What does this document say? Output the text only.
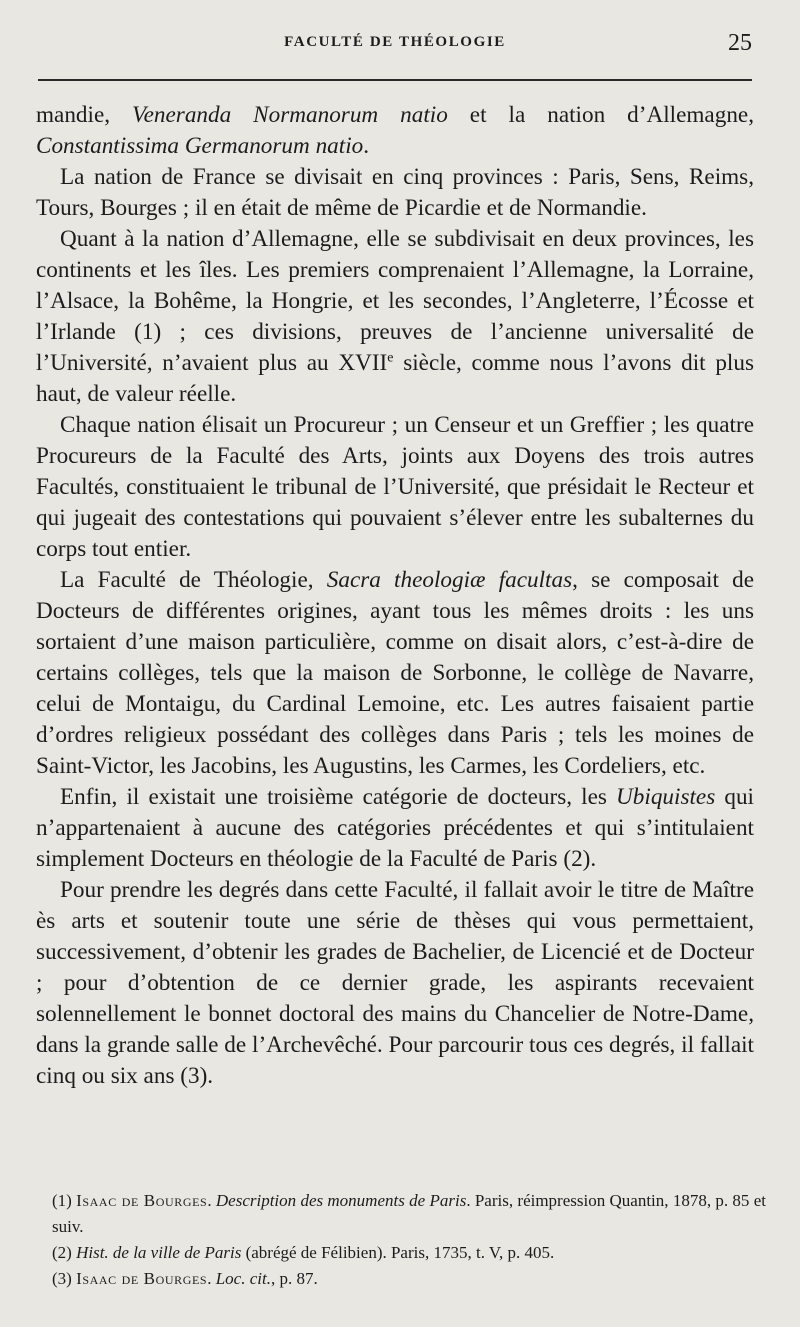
FACULTÉ DE THÉOLOGIE	25

mandie, Veneranda Normanorum natio et la nation d’Allemagne, Constantissima Germanorum natio.

La nation de France se divisait en cinq provinces : Paris, Sens, Reims, Tours, Bourges ; il en était de même de Picardie et de Normandie.

Quant à la nation d’Allemagne, elle se subdivisait en deux provinces, les continents et les îles. Les premiers comprenaient l’Allemagne, la Lorraine, l’Alsace, la Bohême, la Hongrie, et les secondes, l’Angleterre, l’Écosse et l’Irlande (1) ; ces divisions, preuves de l’ancienne universalité de l’Université, n’avaient plus au XVIIe siècle, comme nous l’avons dit plus haut, de valeur réelle.

Chaque nation élisait un Procureur ; un Censeur et un Greffier ; les quatre Procureurs de la Faculté des Arts, joints aux Doyens des trois autres Facultés, constituaient le tribunal de l’Université, que présidait le Recteur et qui jugeait des contestations qui pouvaient s’élever entre les subalternes du corps tout entier.

La Faculté de Théologie, Sacra theologiæ facultas, se composait de Docteurs de différentes origines, ayant tous les mêmes droits : les uns sortaient d’une maison particulière, comme on disait alors, c’est-à-dire de certains collèges, tels que la maison de Sorbonne, le collège de Navarre, celui de Montaigu, du Cardinal Lemoine, etc. Les autres faisaient partie d’ordres religieux possédant des collèges dans Paris ; tels les moines de Saint-Victor, les Jacobins, les Augustins, les Carmes, les Cordeliers, etc.

Enfin, il existait une troisième catégorie de docteurs, les Ubiquistes qui n’appartenaient à aucune des catégories précédentes et qui s’intitulaient simplement Docteurs en théologie de la Faculté de Paris (2).

Pour prendre les degrés dans cette Faculté, il fallait avoir le titre de Maître ès arts et soutenir toute une série de thèses qui vous permettaient, successivement, d’obtenir les grades de Bachelier, de Licencié et de Docteur ; pour d’obtention de ce dernier grade, les aspirants recevaient solennellement le bonnet doctoral des mains du Chancelier de Notre-Dame, dans la grande salle de l’Archevêché. Pour parcourir tous ces degrés, il fallait cinq ou six ans (3).

(1) Isaac de Bourges. Description des monuments de Paris. Paris, réimpression Quantin, 1878, p. 85 et suiv.

(2) Hist. de la ville de Paris (abrégé de Félibien). Paris, 1735, t. V, p. 405.

(3) Isaac de Bourges. Loc. cit., p. 87.
